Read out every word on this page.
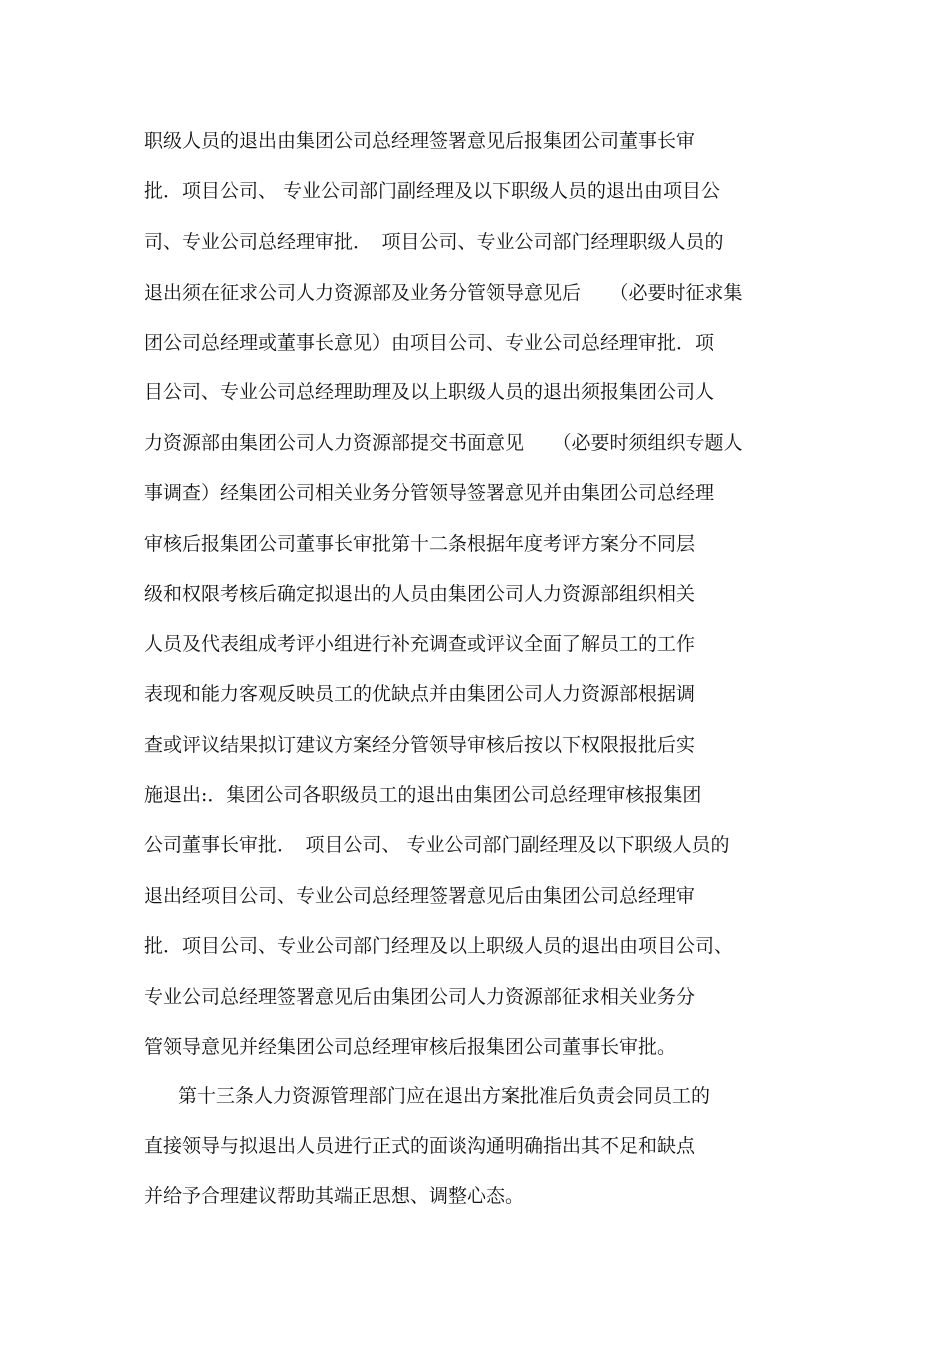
职级人员的退出由集团公司总经理签署意见后报集团公司董事长审
批．项目公司、 专业公司部门副经理及以下职级人员的退出由项目公
司、专业公司总经理审批．　项目公司、专业公司部门经理职级人员的
退出须在征求公司人力资源部及业务分管领导意见后　　（必要时征求集
团公司总经理或董事长意见）由项目公司、专业公司总经理审批．项
目公司、专业公司总经理助理及以上职级人员的退出须报集团公司人
力资源部由集团公司人力资源部提交书面意见　　（必要时须组织专题人
事调查）经集团公司相关业务分管领导签署意见并由集团公司总经理
审核后报集团公司董事长审批第十二条根据年度考评方案分不同层
级和权限考核后确定拟退出的人员由集团公司人力资源部组织相关
人员及代表组成考评小组进行补充调查或评议全面了解员工的工作
表现和能力客观反映员工的优缺点并由集团公司人力资源部根据调
查或评议结果拟订建议方案经分管领导审核后按以下权限报批后实
施退出:．集团公司各职级员工的退出由集团公司总经理审核报集团
公司董事长审批．　项目公司、 专业公司部门副经理及以下职级人员的
退出经项目公司、专业公司总经理签署意见后由集团公司总经理审
批．项目公司、专业公司部门经理及以上职级人员的退出由项目公司、
专业公司总经理签署意见后由集团公司人力资源部征求相关业务分
管领导意见并经集团公司总经理审核后报集团公司董事长审批。
第十三条人力资源管理部门应在退出方案批准后负责会同员工的
直接领导与拟退出人员进行正式的面谈沟通明确指出其不足和缺点
并给予合理建议帮助其端正思想、调整心态。
